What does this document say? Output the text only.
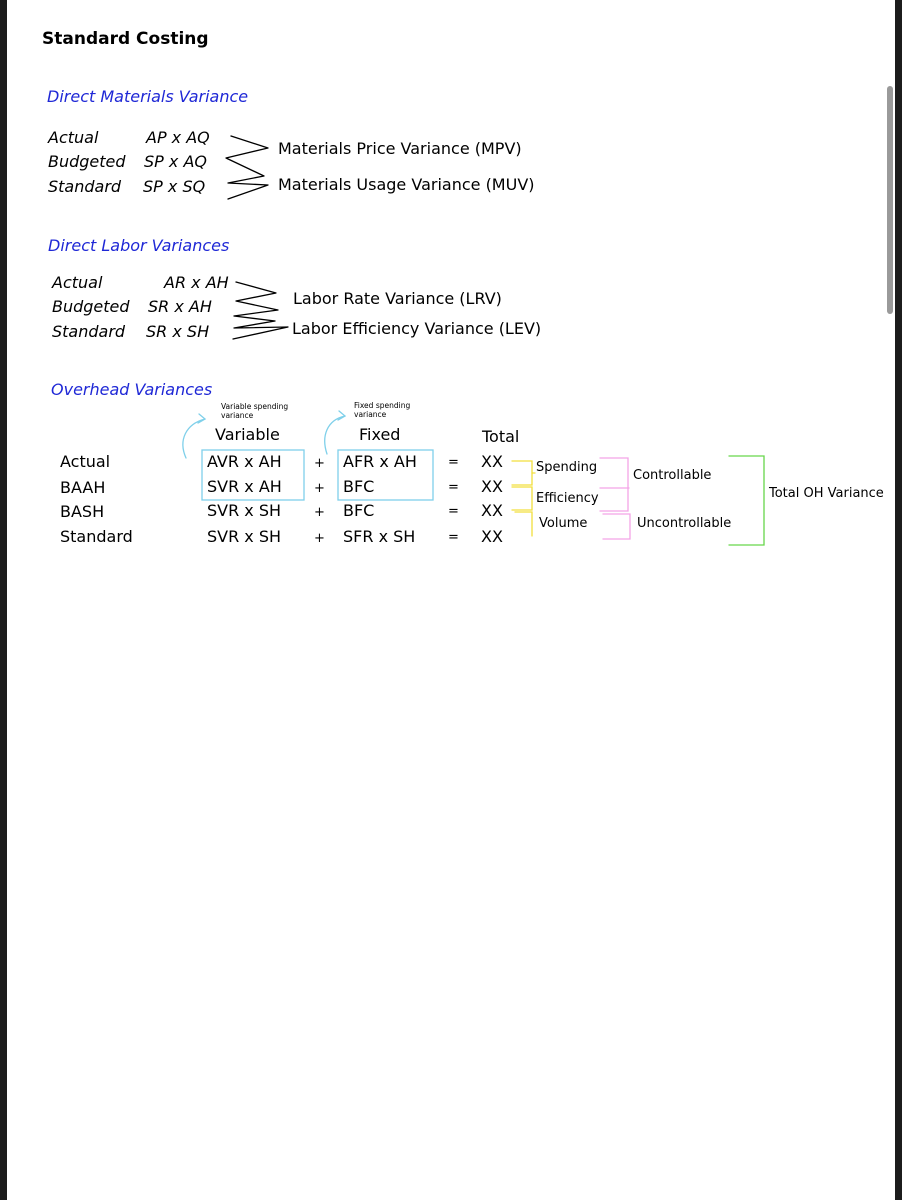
Standard Costing
Direct Materials Variance
Actual
Budgeted
Standard
AP x AQ
SP x AQ
SP x SQ
Materials Price Variance (MPV)
Materials Usage Variance (MUV)
Direct Labor Variances
Actual
Budgeted
Standard
AR x AH
SR x AH
SR x SH
Labor Rate Variance (LRV)
Labor Efficiency Variance (LEV)
Overhead Variances
Variable spending variance
Fixed spending variance
Variable	Fixed	Total
Actual
BAAH
BASH
Standard
AVR x AH
SVR x AH
SVR x SH
SVR x SH
+
+
+
+
AFR x AH
BFC
BFC
SFR x SH
=
=
=
=
XX
XX
XX
XX
Spending
Efficiency
Volume
Controllable
Uncontrollable
Total OH Variance
